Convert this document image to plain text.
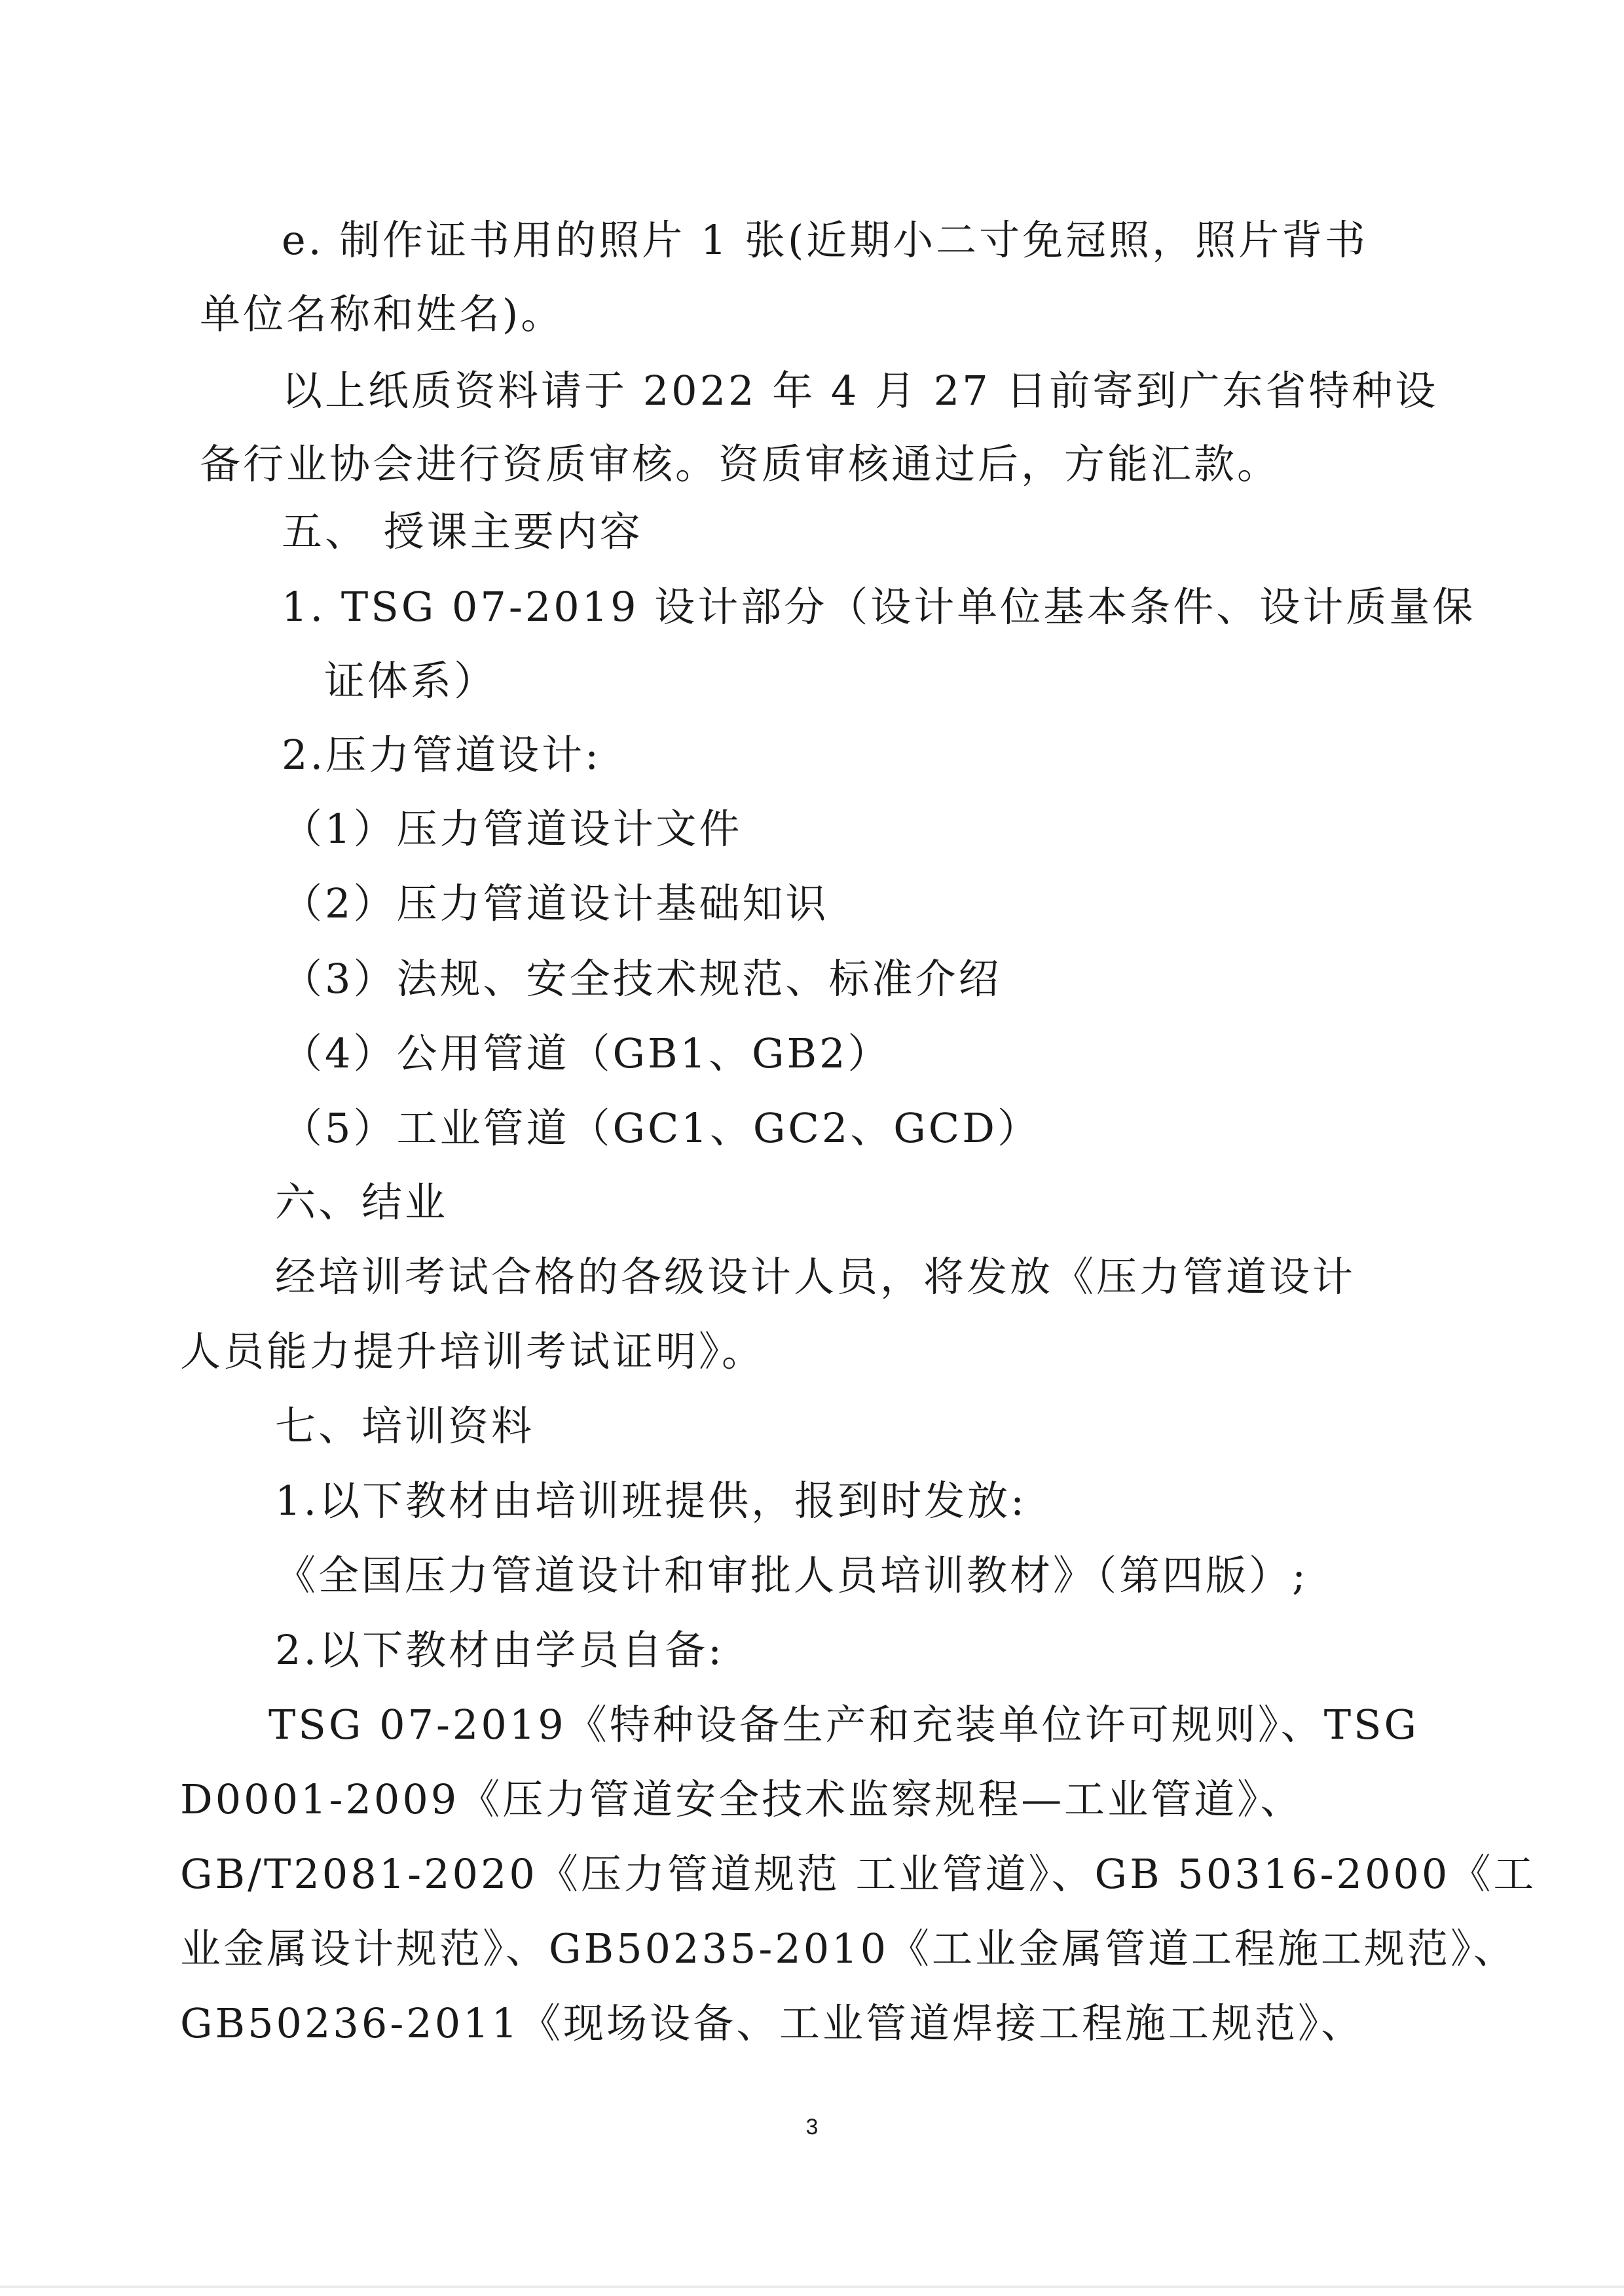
e. 制作证书用的照片 1 张(近期小二寸免冠照，照片背书
单位名称和姓名)。
以上纸质资料请于 2022 年 4 月 27 日前寄到广东省特种设
备行业协会进行资质审核。资质审核通过后，方能汇款。
五、 授课主要内容
1. TSG 07-2019 设计部分（设计单位基本条件、设计质量保
证体系）
2.压力管道设计:
（1）压力管道设计文件
（2）压力管道设计基础知识
（3）法规、安全技术规范、标准介绍
（4）公用管道（GB1、GB2）
（5）工业管道（GC1、GC2、GCD）
六、结业
经培训考试合格的各级设计人员，将发放《压力管道设计
人员能力提升培训考试证明》。
七、培训资料
1.以下教材由培训班提供，报到时发放:
《全国压力管道设计和审批人员培训教材》（第四版）;
2.以下教材由学员自备:
TSG 07-2019《特种设备生产和充装单位许可规则》、TSG
D0001-2009《压力管道安全技术监察规程—工业管道》、
GB/T2081-2020《压力管道规范 工业管道》、GB 50316-2000《工
业金属设计规范》、GB50235-2010《工业金属管道工程施工规范》、
GB50236-2011《现场设备、工业管道焊接工程施工规范》、
3
